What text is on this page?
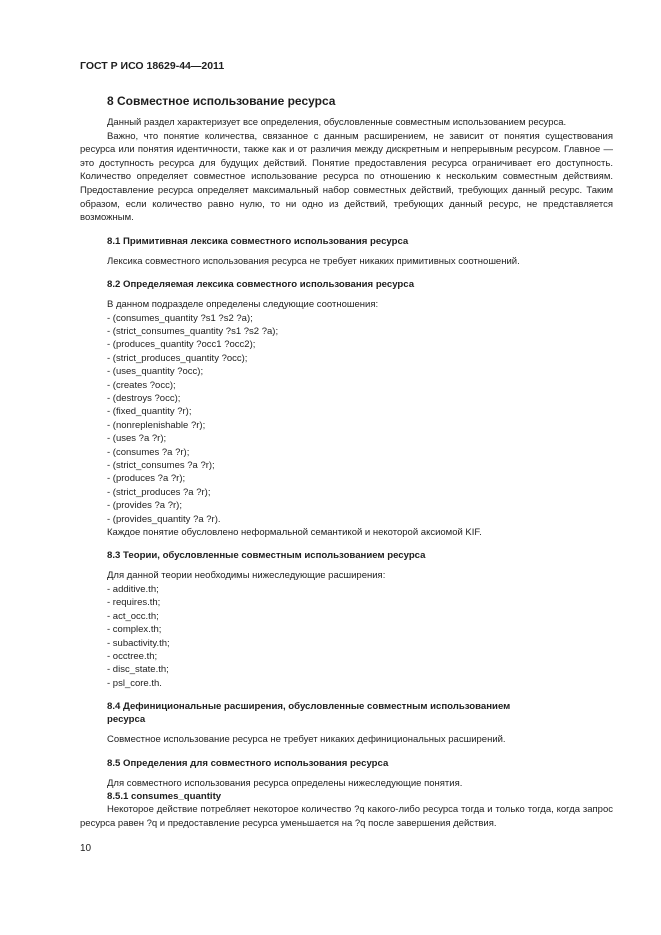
ГОСТ Р ИСО 18629-44—2011
8 Совместное использование ресурса

Данный раздел характеризует все определения, обусловленные совместным использованием ресурса.

Важно, что понятие количества, связанное с данным расширением, не зависит от понятия существования ресурса или понятия идентичности, также как и от различия между дискретным и непрерывным ресурсом. Главное — это доступность ресурса для будущих действий. Понятие предоставления ресурса ограничивает его доступность. Количество определяет совместное использование ресурса по отношению к нескольким совместным действиям. Предоставление ресурса определяет максимальный набор совместных действий, требующих данный ресурс. Таким образом, если количество равно нулю, то ни одно из действий, требующих данный ресурс, не представляется возможным.

8.1 Примитивная лексика совместного использования ресурса

Лексика совместного использования ресурса не требует никаких примитивных соотношений.

8.2 Определяемая лексика совместного использования ресурса

В данном подразделе определены следующие соотношения:

- (consumes_quantity ?s1 ?s2 ?a);
- (strict_consumes_quantity ?s1 ?s2 ?a);
- (produces_quantity ?occ1 ?occ2);
- (strict_produces_quantity ?occ);
- (uses_quantity ?occ);
- (creates ?occ);
- (destroys ?occ);
- (fixed_quantity ?r);
- (nonreplenishable ?r);
- (uses ?a ?r);
- (consumes ?a ?r);
- (strict_consumes ?a ?r);
- (produces ?a ?r);
- (strict_produces ?a ?r);
- (provides ?a ?r);
- (provides_quantity ?a ?r).

Каждое понятие обусловлено неформальной семантикой и некоторой аксиомой KIF.

8.3 Теории, обусловленные совместным использованием ресурса

Для данной теории необходимы нижеследующие расширения:

- additive.th;
- requires.th;
- act_occ.th;
- complex.th;
- subactivity.th;
- occtree.th;
- disc_state.th;
- psl_core.th.
8.4 Дефинициональные расширения, обусловленные совместным использованием
ресурса

Совместное использование ресурса не требует никаких дефинициональных расширений.

8.5 Определения для совместного использования ресурса

Для совместного использования ресурса определены нижеследующие понятия.

8.5.1 consumes_quantity

Некоторое действие потребляет некоторое количество ?q какого-либо ресурса тогда и только тогда, когда запрос ресурса равен ?q и предоставление ресурса уменьшается на ?q после завершения действия.

10
